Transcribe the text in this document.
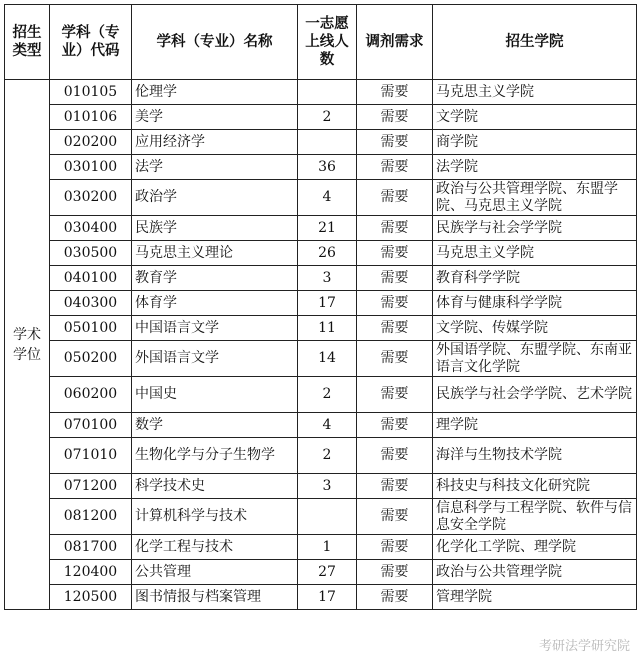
招生类型	学科（专业）代码	学科（专业）名称	一志愿上线人数	调剂需求	招生学院
学术学位	010105	伦理学		需要	马克思主义学院
	010106	美学	2	需要	文学院
	020200	应用经济学		需要	商学院
	030100	法学	36	需要	法学院
	030200	政治学	4	需要	政治与公共管理学院、东盟学院、马克思主义学院
	030400	民族学	21	需要	民族学与社会学学院
	030500	马克思主义理论	26	需要	马克思主义学院
	040100	教育学	3	需要	教育科学学院
	040300	体育学	17	需要	体育与健康科学学院
	050100	中国语言文学	11	需要	文学院、传媒学院
	050200	外国语言文学	14	需要	外国语学院、东盟学院、东南亚语言文化学院
	060200	中国史	2	需要	民族学与社会学学院、艺术学院
	070100	数学	4	需要	理学院
	071010	生物化学与分子生物学	2	需要	海洋与生物技术学院
	071200	科学技术史	3	需要	科技史与科技文化研究院
	081200	计算机科学与技术		需要	信息科学与工程学院、软件与信息安全学院
	081700	化学工程与技术	1	需要	化学化工学院、理学院
	120400	公共管理	27	需要	政治与公共管理学院
	120500	图书情报与档案管理	17	需要	管理学院
考研法学研究院
